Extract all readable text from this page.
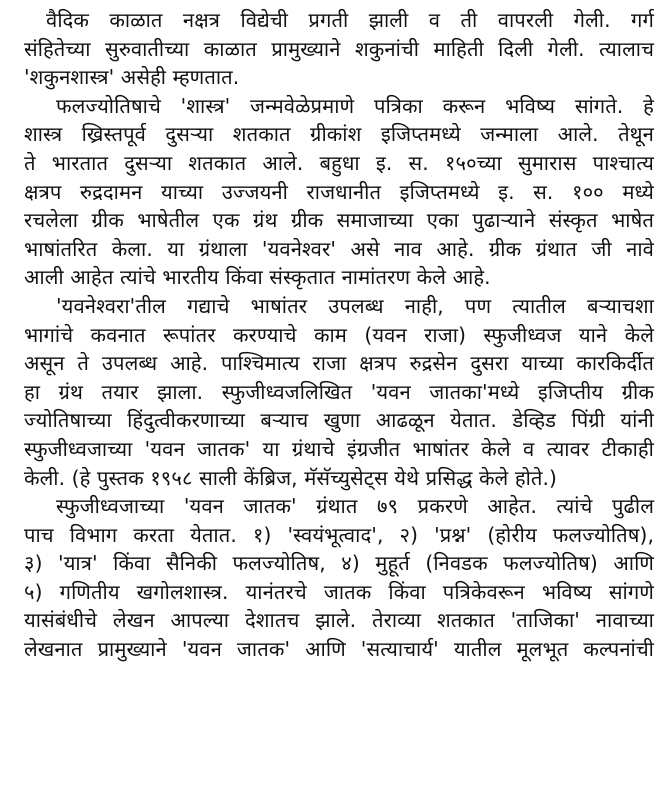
वैदिक काळात नक्षत्र विद्येची प्रगती झाली व ती वापरली गेली. गर्ग
संहितेच्या सुरुवातीच्या काळात प्रामुख्याने शकुनांची माहिती दिली गेली. त्यालाच
'शकुनशास्त्र' असेही म्हणतात.
फलज्योतिषाचे 'शास्त्र' जन्मवेळेप्रमाणे पत्रिका करून भविष्य सांगते. हे
शास्त्र ख्रिस्तपूर्व दुसऱ्या शतकात ग्रीकांश इजिप्तमध्ये जन्माला आले. तेथून
ते भारतात दुसऱ्या शतकात आले. बहुधा इ. स. १५०च्या सुमारास पाश्चात्य
क्षत्रप रुद्रदामन याच्या उज्जयनी राजधानीत इजिप्तमध्ये इ. स. १०० मध्ये
रचलेला ग्रीक भाषेतील एक ग्रंथ ग्रीक समाजाच्या एका पुढाऱ्याने संस्कृत भाषेत
भाषांतरित केला. या ग्रंथाला 'यवनेश्वर' असे नाव आहे. ग्रीक ग्रंथात जी नावे
आली आहेत त्यांचे भारतीय किंवा संस्कृतात नामांतरण केले आहे.
'यवनेश्वरा'तील गद्याचे भाषांतर उपलब्ध नाही, पण त्यातील बऱ्याचशा
भागांचे कवनात रूपांतर करण्याचे काम (यवन राजा) स्फुजीध्वज याने केले
असून ते उपलब्ध आहे. पाश्चिमात्य राजा क्षत्रप रुद्रसेन दुसरा याच्या कारकिर्दीत
हा ग्रंथ तयार झाला. स्फुजीध्वजलिखित 'यवन जातका'मध्ये इजिप्तीय ग्रीक
ज्योतिषाच्या हिंदुत्वीकरणाच्या बऱ्याच खुणा आढळून येतात. डेव्हिड पिंग्री यांनी
स्फुजीध्वजाच्या 'यवन जातक' या ग्रंथाचे इंग्रजीत भाषांतर केले व त्यावर टीकाही
केली. (हे पुस्तक १९५८ साली केंब्रिज, मॅसॅच्युसेट्स येथे प्रसिद्ध केले होते.)
स्फुजीध्वजाच्या 'यवन जातक' ग्रंथात ७९ प्रकरणे आहेत. त्यांचे पुढील
पाच विभाग करता येतात. १) 'स्वयंभूत्वाद', २) 'प्रश्न' (होरीय फलज्योतिष),
३) 'यात्र' किंवा सैनिकी फलज्योतिष, ४) मुहूर्त (निवडक फलज्योतिष) आणि
५) गणितीय खगोलशास्त्र. यानंतरचे जातक किंवा पत्रिकेवरून भविष्य सांगणे
यासंबंधीचे लेखन आपल्या देशातच झाले. तेराव्या शतकात 'ताजिका' नावाच्या
लेखनात प्रामुख्याने 'यवन जातक' आणि 'सत्याचार्य' यातील मूलभूत कल्पनांची
